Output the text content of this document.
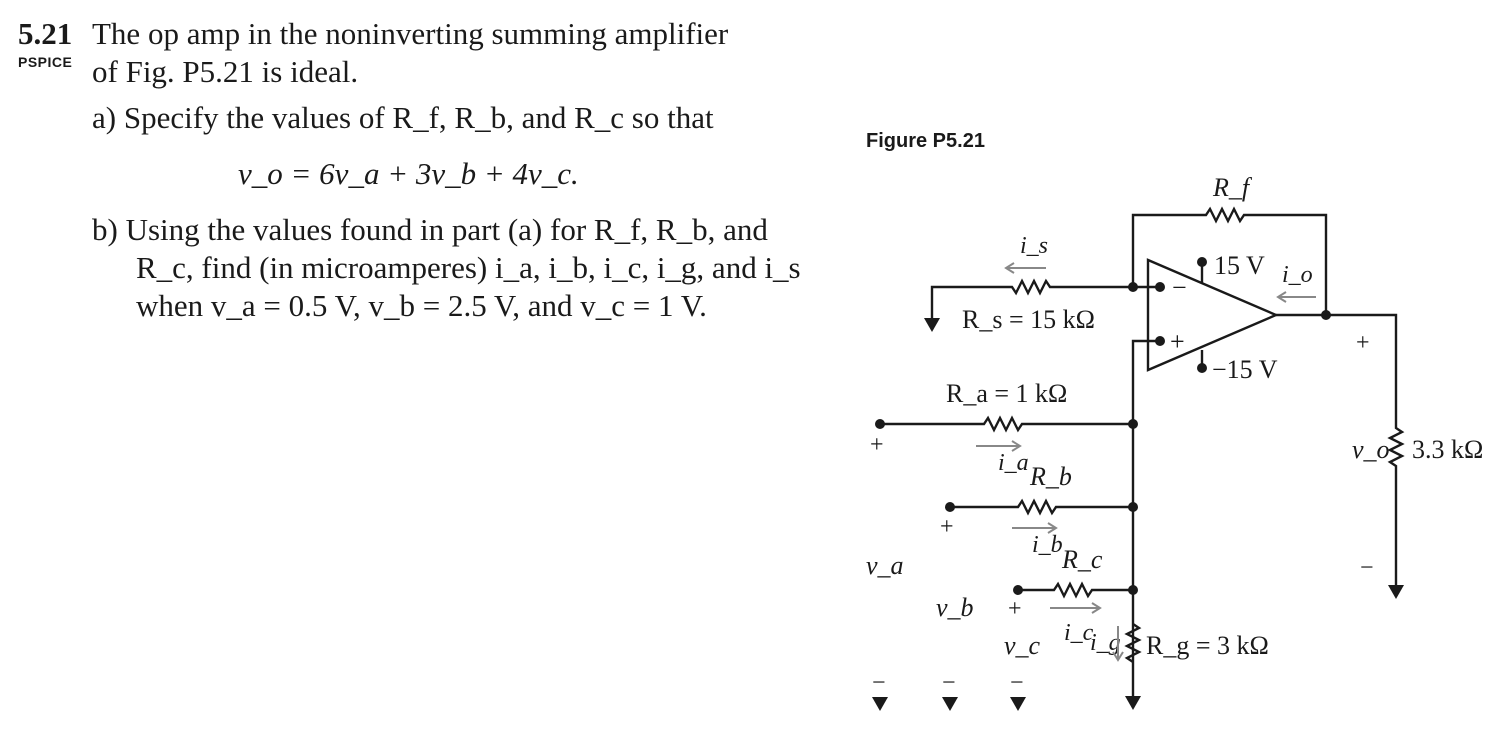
5.21
PSPICE
The op amp in the noninverting summing amplifier
of Fig. P5.21 is ideal.
a) Specify the values of R_f, R_b, and R_c so that
v_o = 6v_a + 3v_b + 4v_c.
b) Using the values found in part (a) for R_f, R_b, and
R_c, find (in microamperes) i_a, i_b, i_c, i_g, and i_s
when v_a = 0.5 V, v_b = 2.5 V, and v_c = 1 V.
Figure P5.21
R_f
i_s
R_s = 15 kΩ
−
+
15 V
−15 V
i_o
+
v_o 3.3 kΩ
−
R_a = 1 kΩ
i_a
+
v_a
−
R_b
i_b
+
v_b
−
R_c
i_c
+
v_c
−
R_g = 3 kΩ
i_g
